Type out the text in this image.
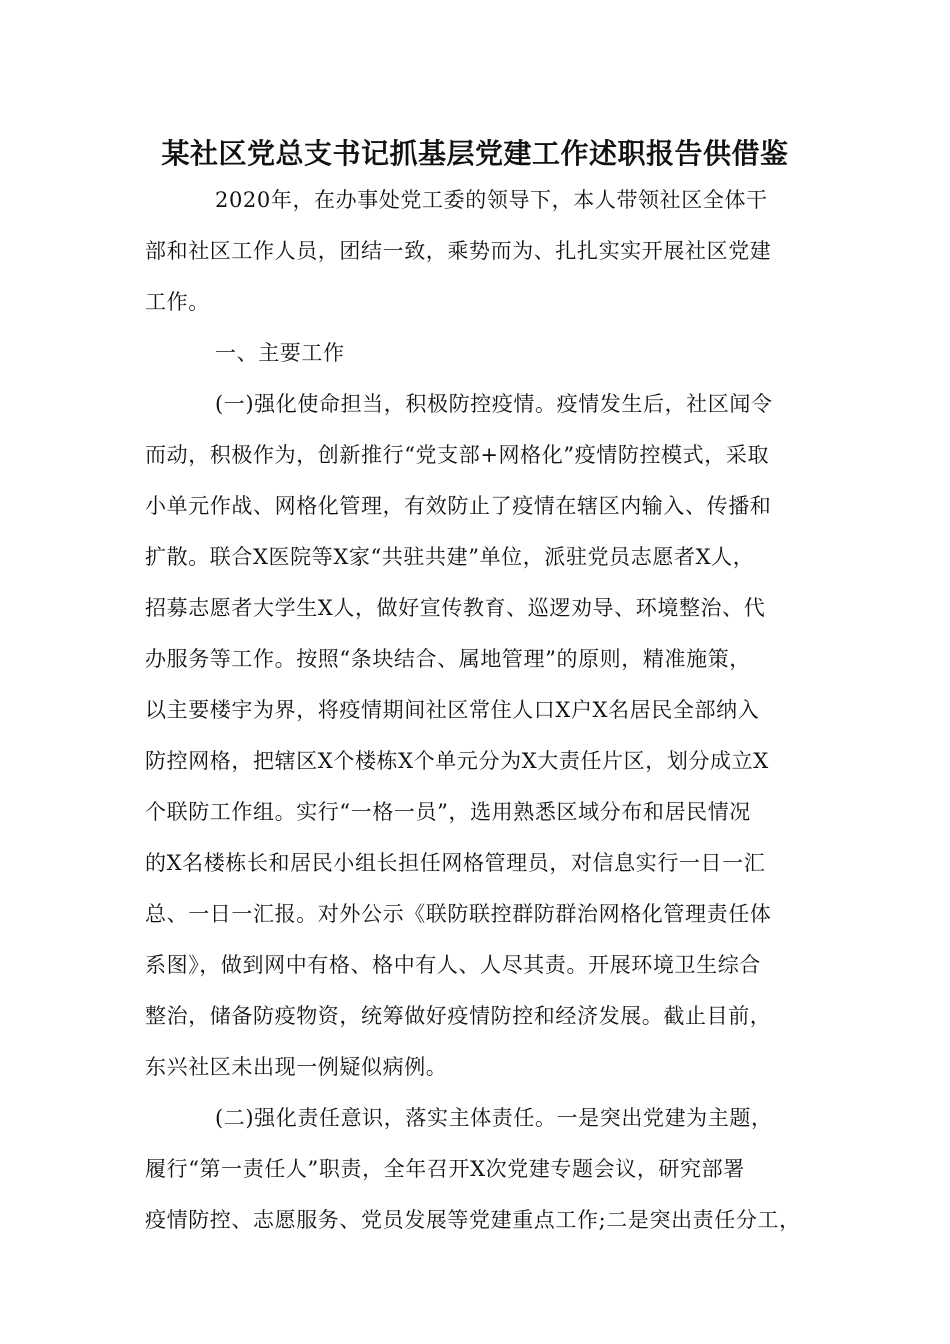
某社区党总支书记抓基层党建工作述职报告供借鉴
2020年，在办事处党工委的领导下，本人带领社区全体干
部和社区工作人员，团结一致，乘势而为、扎扎实实开展社区党建
工作。
一、主要工作
(一)强化使命担当，积极防控疫情。疫情发生后，社区闻令
而动，积极作为，创新推行“党支部+网格化”疫情防控模式，采取
小单元作战、网格化管理，有效防止了疫情在辖区内输入、传播和
扩散。联合X医院等X家“共驻共建”单位，派驻党员志愿者X人，
招募志愿者大学生X人，做好宣传教育、巡逻劝导、环境整治、代
办服务等工作。按照“条块结合、属地管理”的原则，精准施策，
以主要楼宇为界，将疫情期间社区常住人口X户X名居民全部纳入
防控网格，把辖区X个楼栋X个单元分为X大责任片区，划分成立X
个联防工作组。实行“一格一员”，选用熟悉区域分布和居民情况
的X名楼栋长和居民小组长担任网格管理员，对信息实行一日一汇
总、一日一汇报。对外公示《联防联控群防群治网格化管理责任体
系图》，做到网中有格、格中有人、人尽其责。开展环境卫生综合
整治，储备防疫物资，统筹做好疫情防控和经济发展。截止目前，
东兴社区未出现一例疑似病例。
(二)强化责任意识，落实主体责任。一是突出党建为主题，
履行“第一责任人”职责，全年召开X次党建专题会议，研究部署
疫情防控、志愿服务、党员发展等党建重点工作;二是突出责任分工，
